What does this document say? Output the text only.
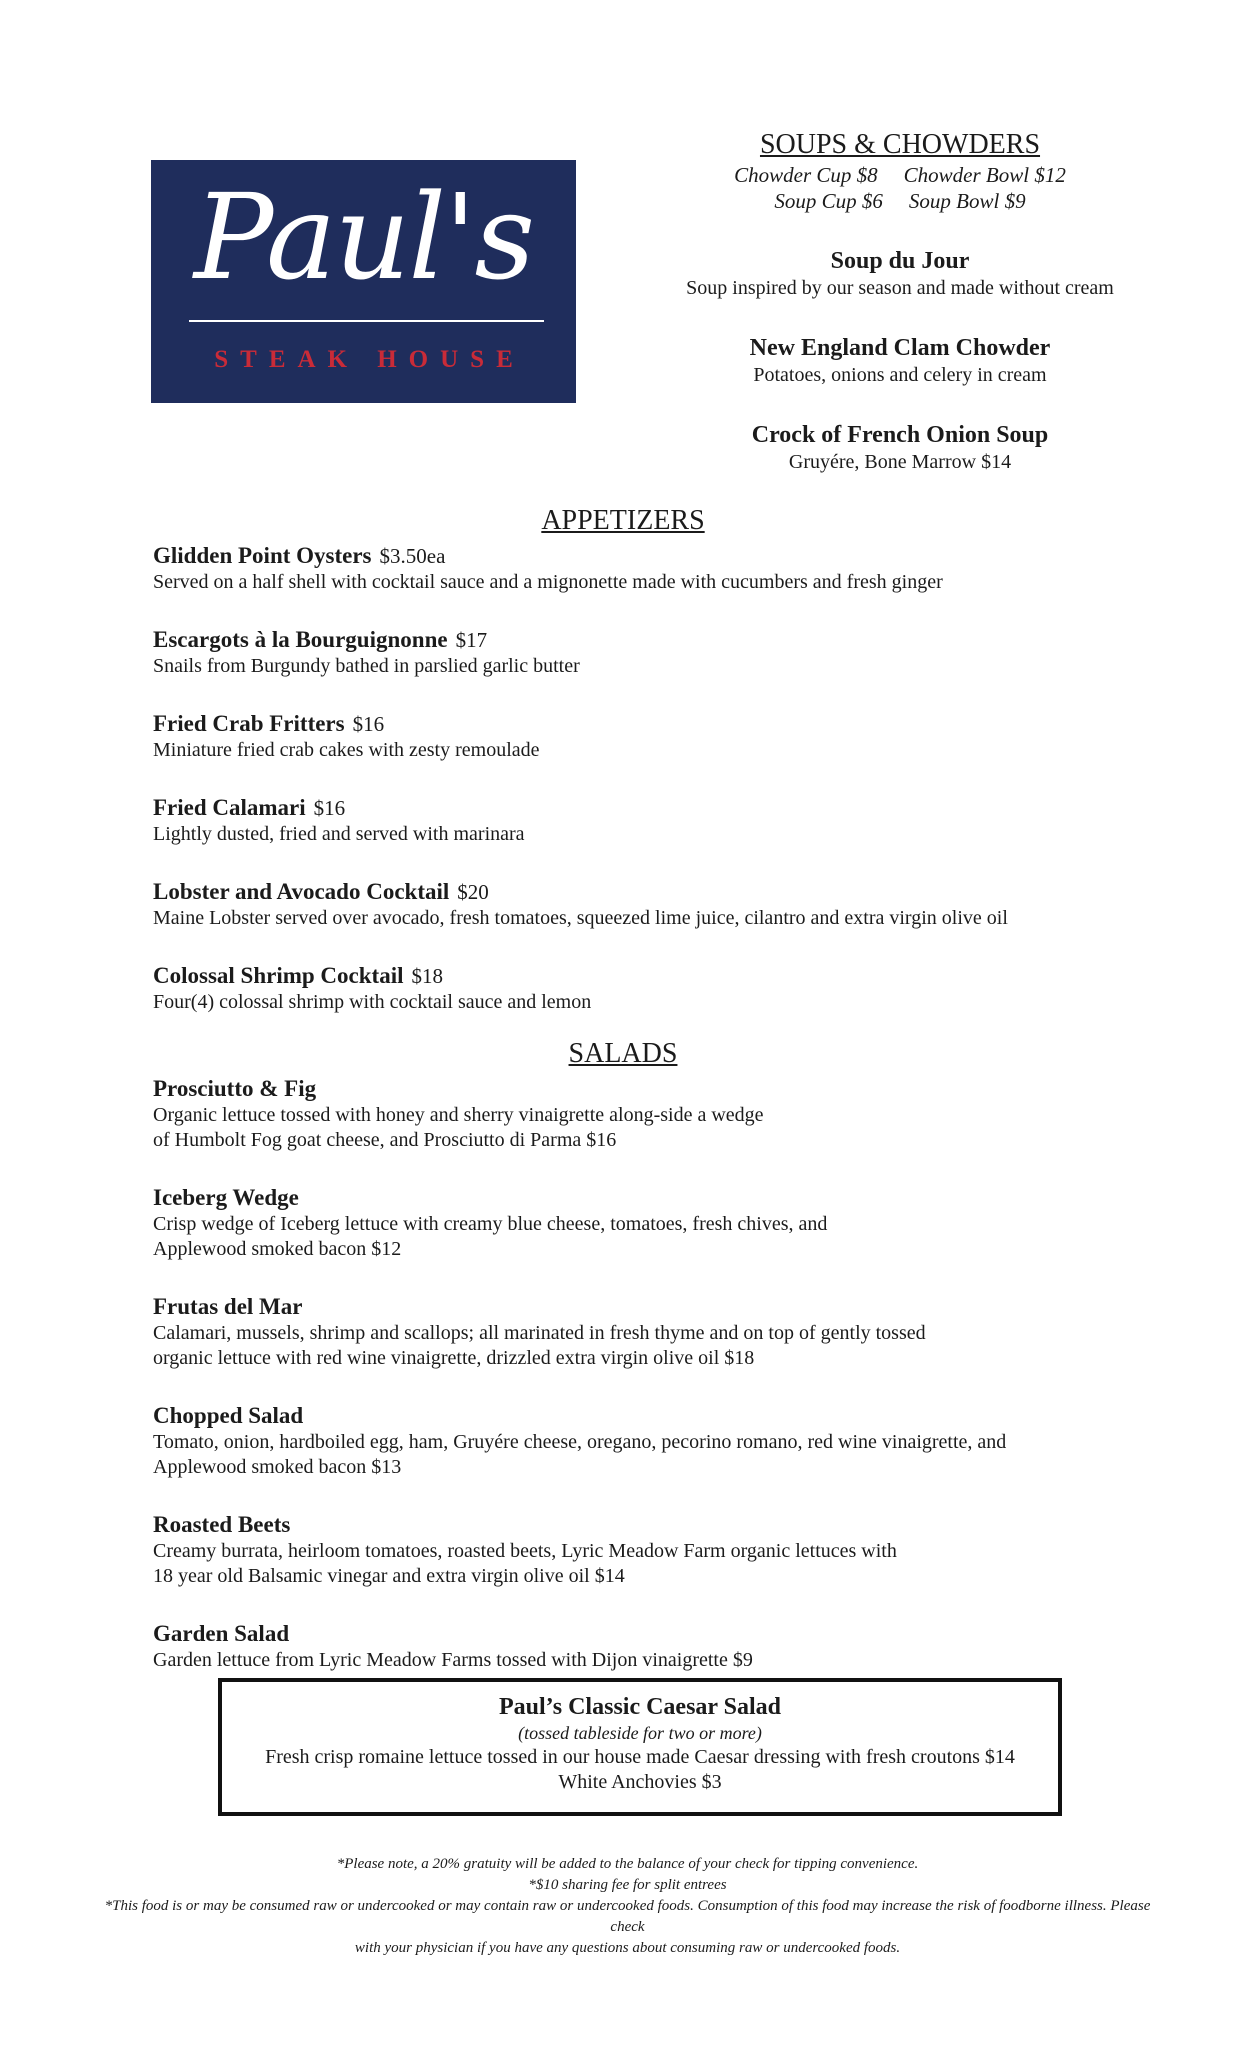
Paul's
STEAK HOUSE
SOUPS & CHOWDERS
Chowder Cup $8 Chowder Bowl $12
Soup Cup $6 Soup Bowl $9
Soup du Jour
Soup inspired by our season and made without cream
New England Clam Chowder
Potatoes, onions and celery in cream
Crock of French Onion Soup
Gruyére, Bone Marrow $14
APPETIZERS
Glidden Point Oysters $3.50ea
Served on a half shell with cocktail sauce and a mignonette made with cucumbers and fresh ginger
Escargots à la Bourguignonne $17
Snails from Burgundy bathed in parslied garlic butter
Fried Crab Fritters $16
Miniature fried crab cakes with zesty remoulade
Fried Calamari $16
Lightly dusted, fried and served with marinara
Lobster and Avocado Cocktail $20
Maine Lobster served over avocado, fresh tomatoes, squeezed lime juice, cilantro and extra virgin olive oil
Colossal Shrimp Cocktail $18
Four(4) colossal shrimp with cocktail sauce and lemon
SALADS
Prosciutto & Fig
Organic lettuce tossed with honey and sherry vinaigrette along-side a wedge
of Humbolt Fog goat cheese, and Prosciutto di Parma $16
Iceberg Wedge
Crisp wedge of Iceberg lettuce with creamy blue cheese, tomatoes, fresh chives, and
Applewood smoked bacon $12
Frutas del Mar
Calamari, mussels, shrimp and scallops; all marinated in fresh thyme and on top of gently tossed
organic lettuce with red wine vinaigrette, drizzled extra virgin olive oil $18
Chopped Salad
Tomato, onion, hardboiled egg, ham, Gruyére cheese, oregano, pecorino romano, red wine vinaigrette, and
Applewood smoked bacon $13
Roasted Beets
Creamy burrata, heirloom tomatoes, roasted beets, Lyric Meadow Farm organic lettuces with
18 year old Balsamic vinegar and extra virgin olive oil $14
Garden Salad
Garden lettuce from Lyric Meadow Farms tossed with Dijon vinaigrette $9
Paul’s Classic Caesar Salad
(tossed tableside for two or more)
Fresh crisp romaine lettuce tossed in our house made Caesar dressing with fresh croutons $14
White Anchovies $3
*Please note, a 20% gratuity will be added to the balance of your check for tipping convenience.
*$10 sharing fee for split entrees
*This food is or may be consumed raw or undercooked or may contain raw or undercooked foods. Consumption of this food may increase the risk of foodborne illness. Please check
with your physician if you have any questions about consuming raw or undercooked foods.
